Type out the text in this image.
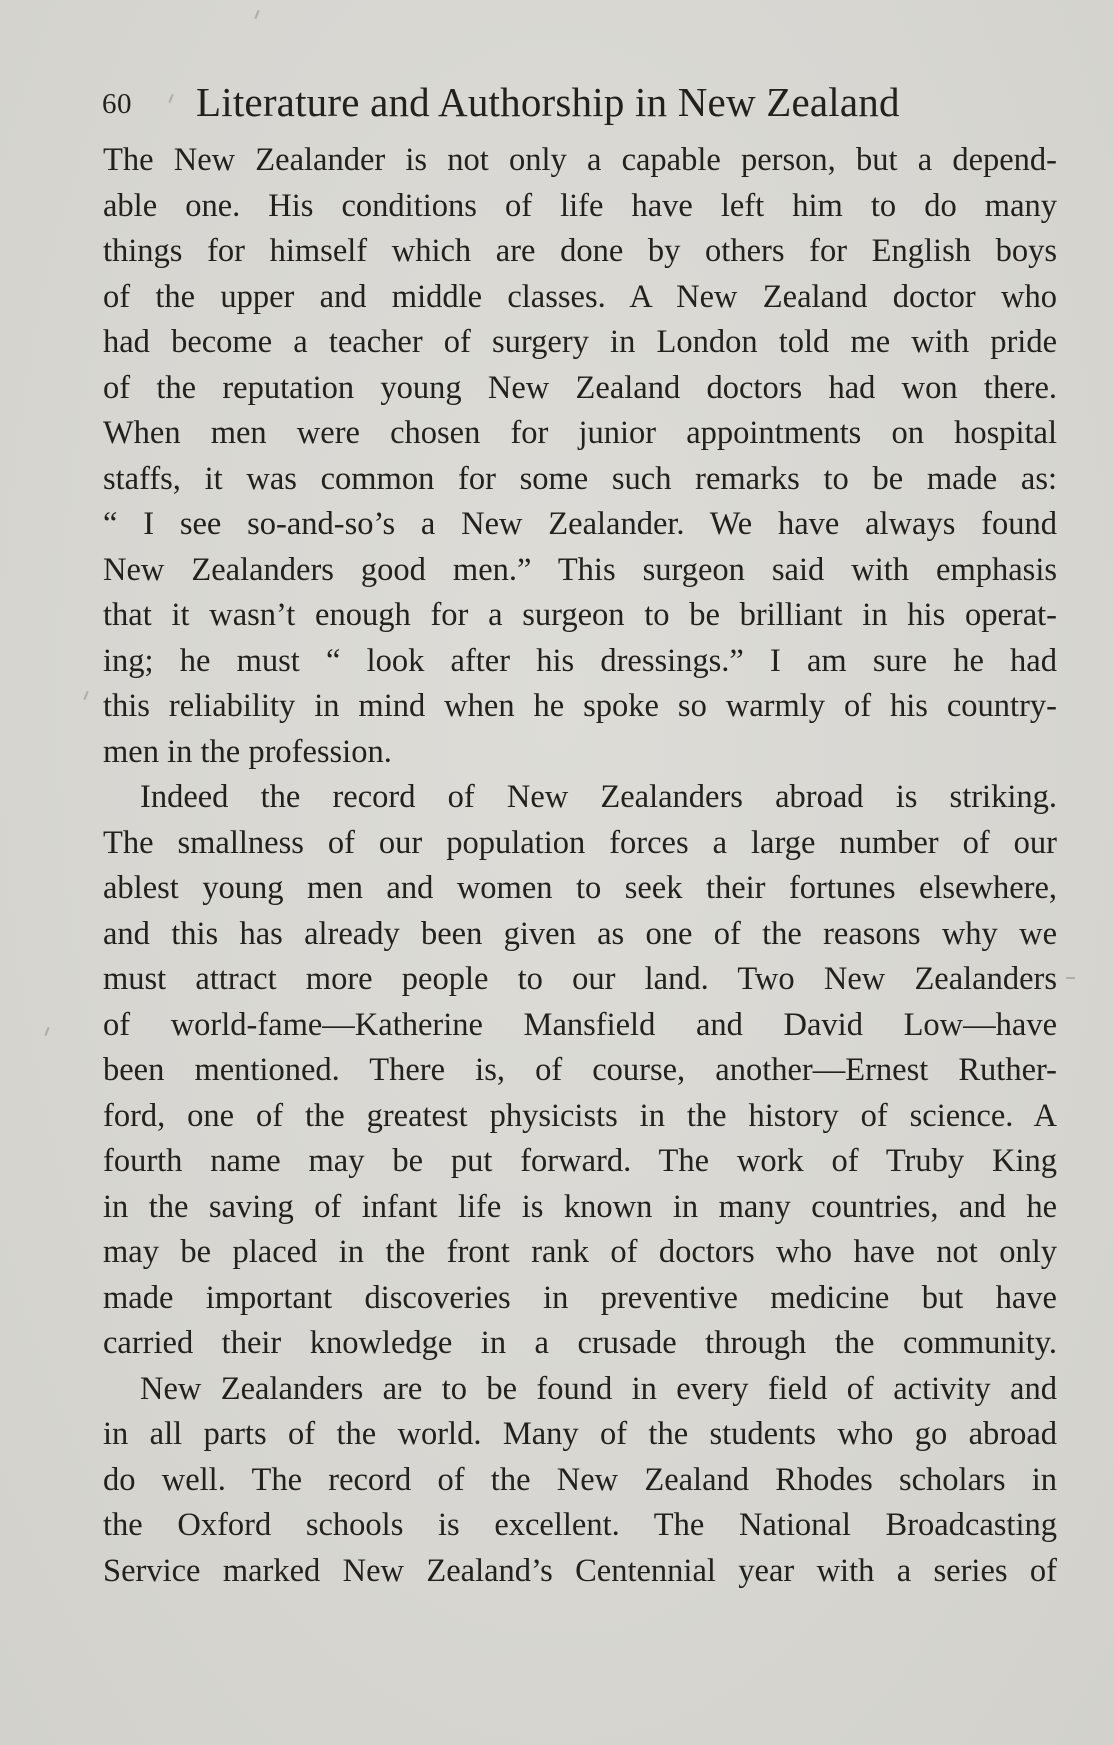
60 Literature and Authorship in New Zealand
The New Zealander is not only a capable person, but a depend-
able one. His conditions of life have left him to do many
things for himself which are done by others for English boys
of the upper and middle classes. A New Zealand doctor who
had become a teacher of surgery in London told me with pride
of the reputation young New Zealand doctors had won there.
When men were chosen for junior appointments on hospital
staffs, it was common for some such remarks to be made as:
“ I see so-and-so’s a New Zealander. We have always found
New Zealanders good men.” This surgeon said with emphasis
that it wasn’t enough for a surgeon to be brilliant in his operat-
ing; he must “ look after his dressings.” I am sure he had
this reliability in mind when he spoke so warmly of his country-
men in the profession.
Indeed the record of New Zealanders abroad is striking.
The smallness of our population forces a large number of our
ablest young men and women to seek their fortunes elsewhere,
and this has already been given as one of the reasons why we
must attract more people to our land. Two New Zealanders
of world-fame—Katherine Mansfield and David Low—have
been mentioned. There is, of course, another—Ernest Ruther-
ford, one of the greatest physicists in the history of science. A
fourth name may be put forward. The work of Truby King
in the saving of infant life is known in many countries, and he
may be placed in the front rank of doctors who have not only
made important discoveries in preventive medicine but have
carried their knowledge in a crusade through the community.
New Zealanders are to be found in every field of activity and
in all parts of the world. Many of the students who go abroad
do well. The record of the New Zealand Rhodes scholars in
the Oxford schools is excellent. The National Broadcasting
Service marked New Zealand’s Centennial year with a series of
